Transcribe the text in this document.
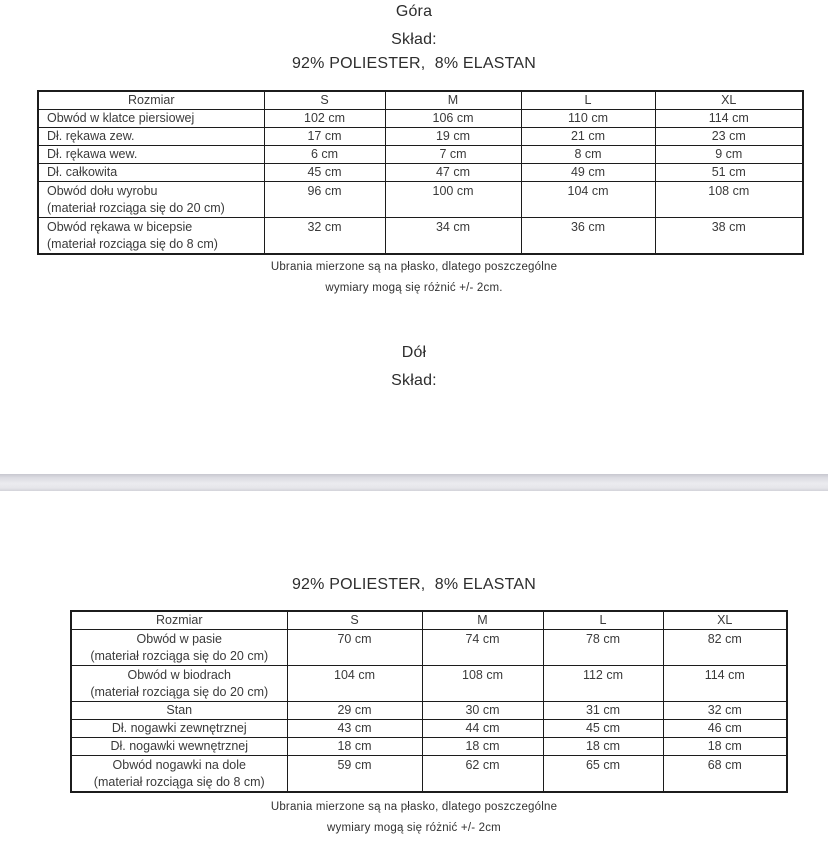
Góra
Skład:
92% POLIESTER,  8% ELASTAN
Rozmiar	S	M	L	XL

Obwód w klatce piersiowej	102 cm	106 cm	110 cm	114 cm

Dł. rękawa zew.	17 cm	19 cm	21 cm	23 cm

Dł. rękawa wew.	6 cm	7 cm	8 cm	9 cm

Dł. całkowita	45 cm	47 cm	49 cm	51 cm

Obwód dołu wyrobu
(materiał rozciąga się do 20 cm)	96 cm	100 cm	104 cm	108 cm

Obwód rękawa w bicepsie
(materiał rozciąga się do 8 cm)	32 cm	34 cm	36 cm	38 cm
Ubrania mierzone są na płasko, dlatego poszczególne
wymiary mogą się różnić +/- 2cm.
Dół
Skład:
92% POLIESTER,  8% ELASTAN
Rozmiar	S	M	L	XL

Obwód w pasie
(materiał rozciąga się do 20 cm)	70 cm	74 cm	78 cm	82 cm

Obwód w biodrach
(materiał rozciąga się do 20 cm)	104 cm	108 cm	112 cm	114 cm

Stan	29 cm	30 cm	31 cm	32 cm

Dł. nogawki zewnętrznej	43 cm	44 cm	45 cm	46 cm

Dł. nogawki wewnętrznej	18 cm	18 cm	18 cm	18 cm

Obwód nogawki na dole
(materiał rozciąga się do 8 cm)	59 cm	62 cm	65 cm	68 cm
Ubrania mierzone są na płasko, dlatego poszczególne
wymiary mogą się różnić +/- 2cm
